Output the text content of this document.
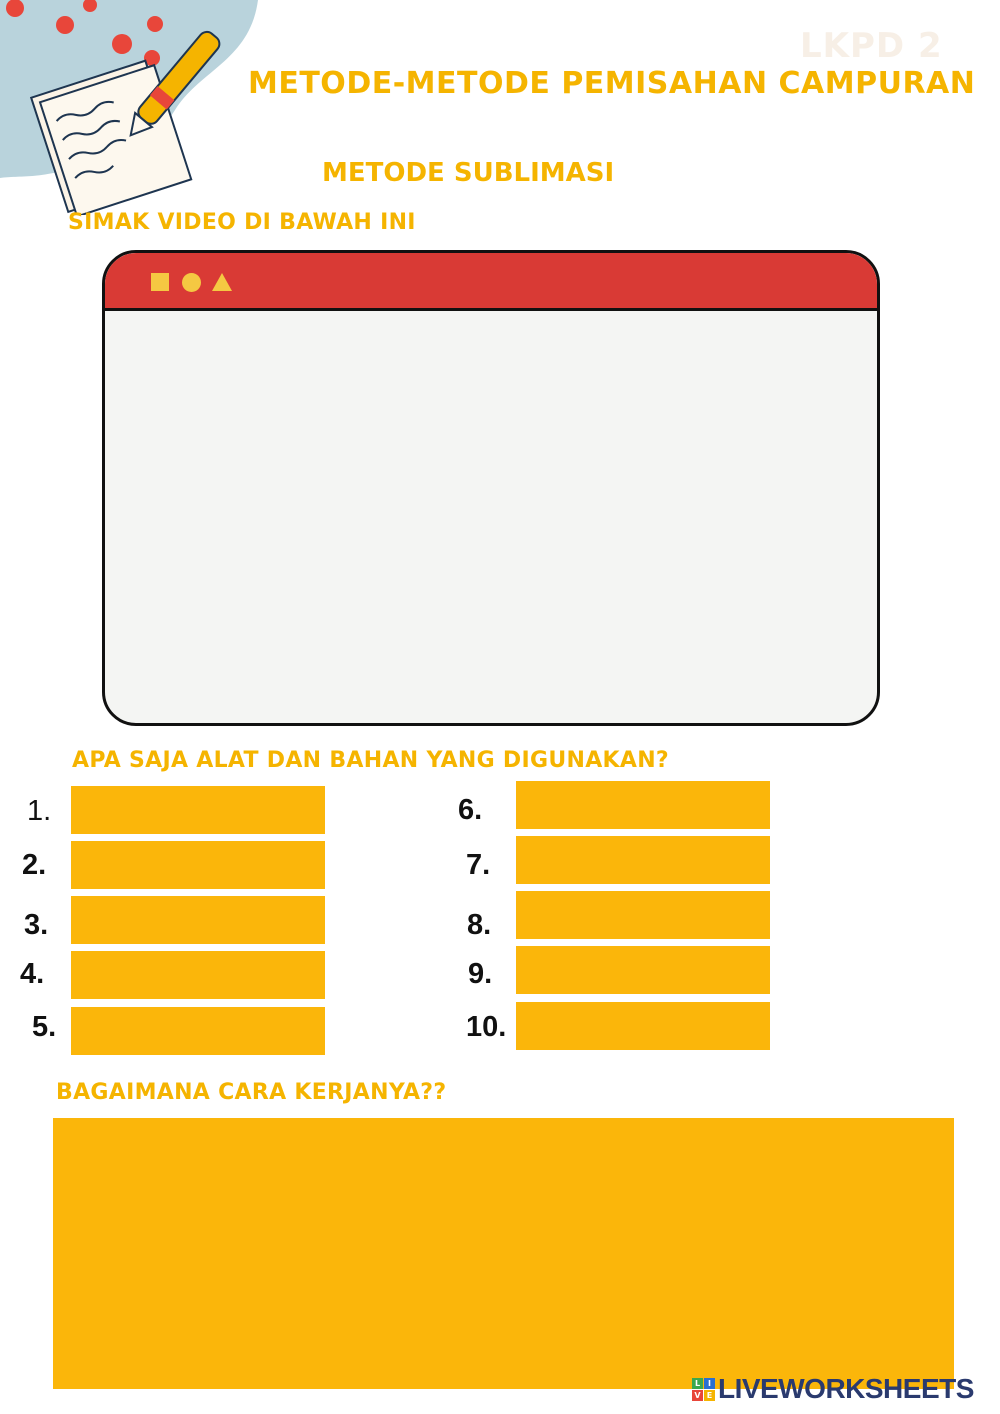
LKPD 2
METODE-METODE PEMISAHAN CAMPURAN
METODE SUBLIMASI
SIMAK VIDEO DI BAWAH INI
APA SAJA ALAT DAN BAHAN YANG DIGUNAKAN?
1.
2.
3.
4.
5.
6.
7.
8.
9.
10.
BAGAIMANA CARA KERJANYA??
L I
V E LIVEWORKSHEETS
